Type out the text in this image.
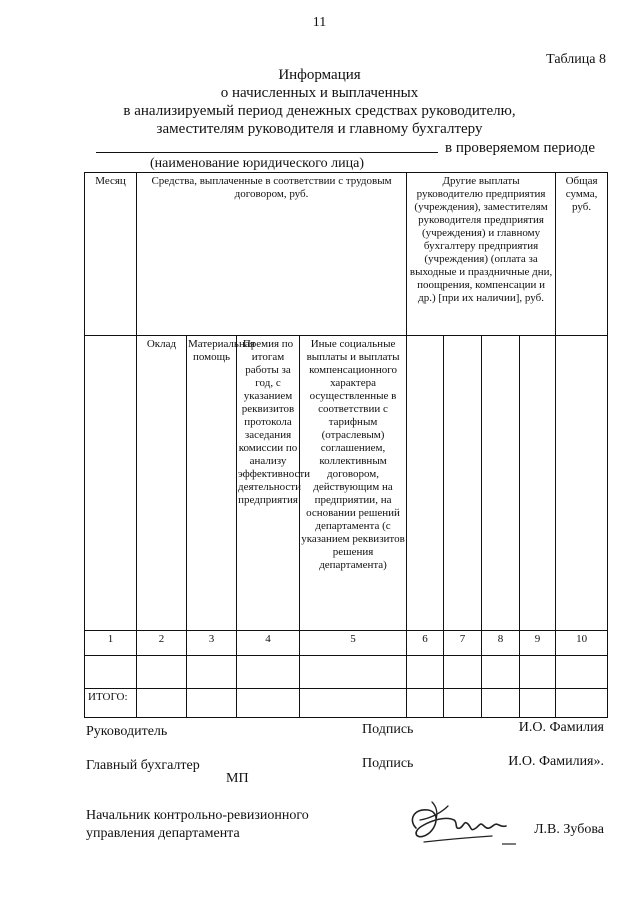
11
Таблица 8
Информация
о начисленных и выплаченных
в анализируемый период денежных средствах руководителю,
заместителям руководителя и главному бухгалтеру
в проверяемом периоде
(наименование юридического лица)
Месяц	Средства, выплаченные в соответствии с трудовым договором, руб.				Другие выплаты руководителю предприятия (учреждения), заместителям руководителя предприятия (учреждения) и главному бухгалтеру предприятия (учреждения) (оплата за выходные и праздничные дни, поощрения, компенсации и др.) [при их наличии], руб.				Общая сумма, руб.
	Оклад	Материальная помощь	Премия по итогам работы за год, с указанием реквизитов протокола заседания комиссии по анализу эффективности деятельности предприятия	Иные социальные выплаты и выплаты компенсационного характера осуществленные в соответствии с тарифным (отраслевым) соглашением, коллективным договором, действующим на предприятии, на основании решений департамента (с указанием реквизитов решения департамента)					
1	2	3	4	5	6	7	8	9	10

ИТОГО:									
Руководитель	Подпись	И.О. Фамилия
Главный бухгалтер	Подпись	И.О. Фамилия».
МП
Начальник контрольно-ревизионного
управления департамента	Л.В. Зубова
